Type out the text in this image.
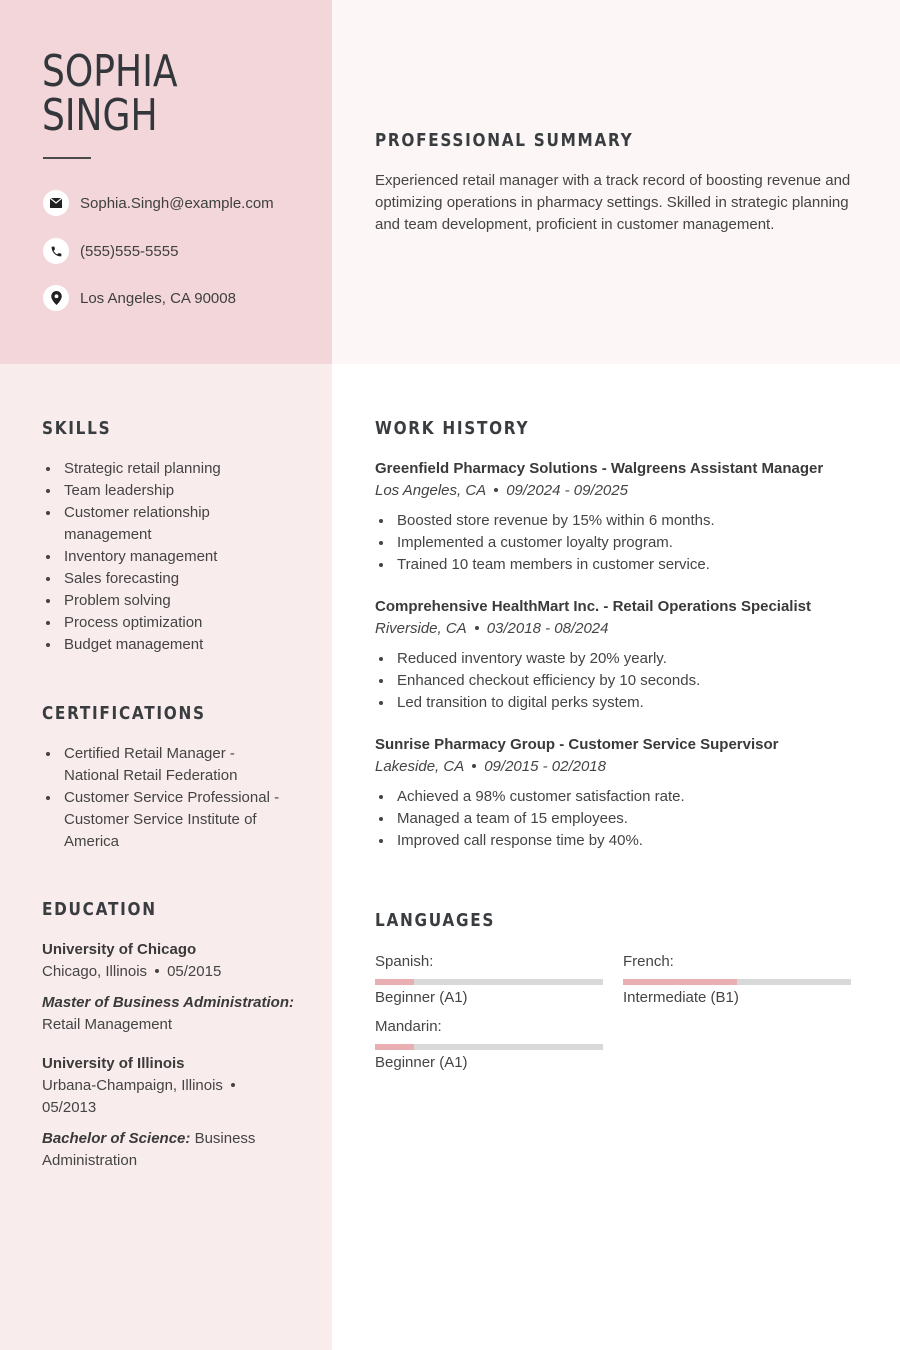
SOPHIA
SINGH
Sophia.Singh@example.com
(555)555-5555
Los Angeles, CA 90008
PROFESSIONAL SUMMARY
Experienced retail manager with a track record of boosting revenue and optimizing operations in pharmacy settings. Skilled in strategic planning and team development, proficient in customer management.
SKILLS
Strategic retail planning
Team leadership
Customer relationship management
Inventory management
Sales forecasting
Problem solving
Process optimization
Budget management
CERTIFICATIONS
Certified Retail Manager - National Retail Federation
Customer Service Professional - Customer Service Institute of America
EDUCATION
University of Chicago
Chicago, Illinois 05/2015
Master of Business Administration:
Retail Management
University of Illinois
Urbana-Champaign, Illinois
05/2013
Bachelor of Science: Business Administration
WORK HISTORY
Greenfield Pharmacy Solutions - Walgreens Assistant Manager
Los Angeles, CA 09/2024 - 09/2025
Boosted store revenue by 15% within 6 months.
Implemented a customer loyalty program.
Trained 10 team members in customer service.
Comprehensive HealthMart Inc. - Retail Operations Specialist
Riverside, CA 03/2018 - 08/2024
Reduced inventory waste by 20% yearly.
Enhanced checkout efficiency by 10 seconds.
Led transition to digital perks system.
Sunrise Pharmacy Group - Customer Service Supervisor
Lakeside, CA 09/2015 - 02/2018
Achieved a 98% customer satisfaction rate.
Managed a team of 15 employees.
Improved call response time by 40%.
LANGUAGES
Spanish:
Beginner (A1)
French:
Intermediate (B1)
Mandarin:
Beginner (A1)
